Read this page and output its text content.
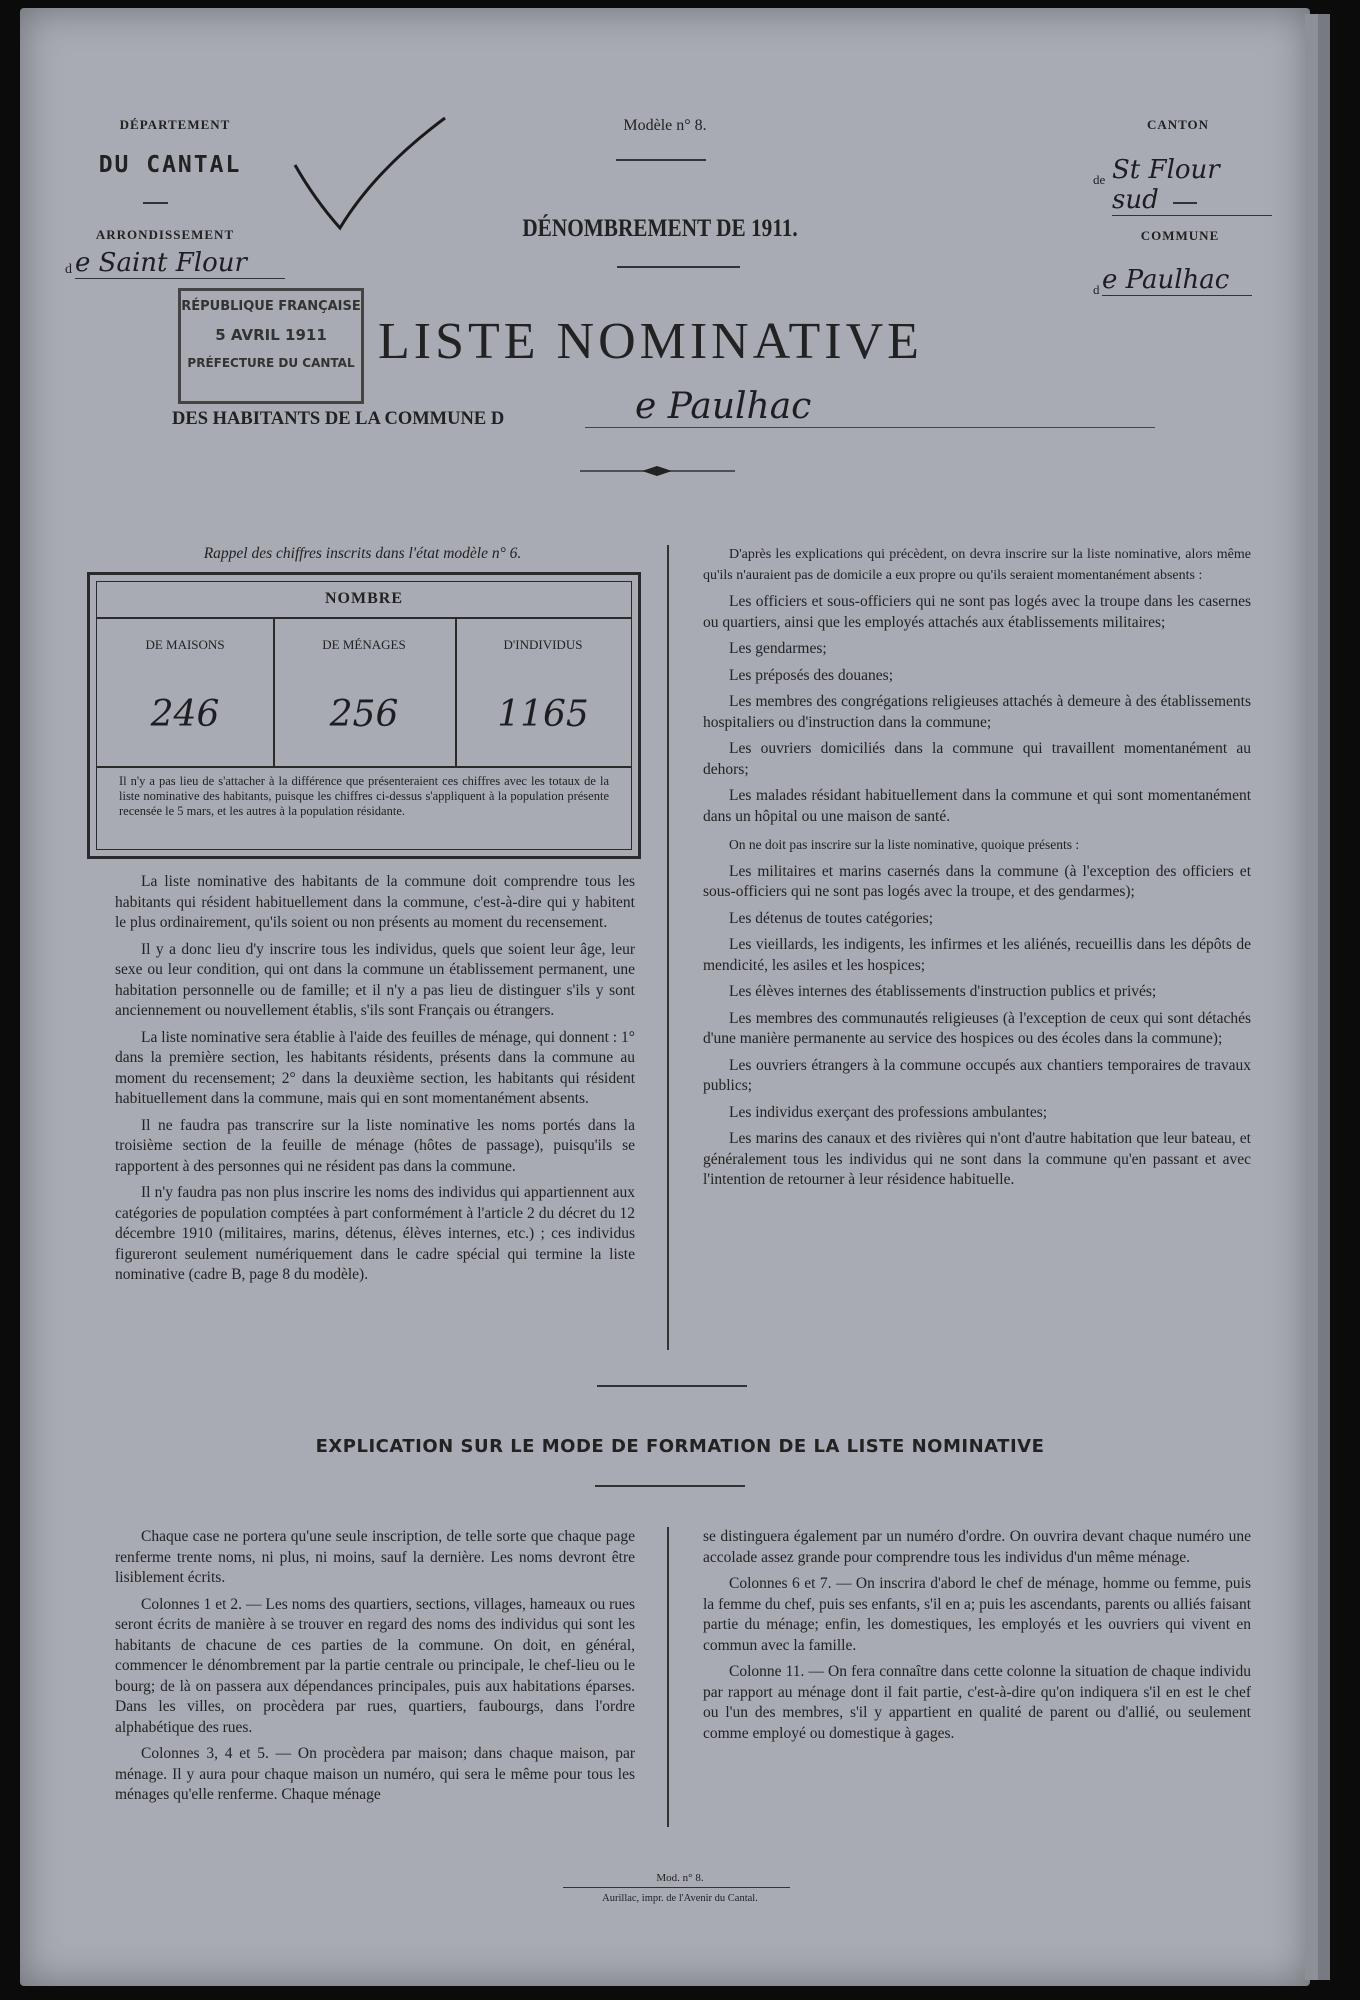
DÉPARTEMENT
DU CANTAL
ARRONDISSEMENT
d e Saint Flour
Modèle n° 8.
DÉNOMBREMENT DE 1911.
RÉPUBLIQUE FRANÇAISE
5 AVRIL 1911
PRÉFECTURE DU CANTAL LISTE NOMINATIVE
DES HABITANTS DE LA COMMUNE D	e Paulhac
CANTON
de St Flour sud
COMMUNE
d e Paulhac
Rappel des chiffres inscrits dans l'état modèle n° 6.
NOMBRE
DE MAISONS	DE MÉNAGES	D'INDIVIDUS
246	256	1165
Il n'y a pas lieu de s'attacher à la différence que présenteraient ces chiffres avec les totaux de la liste nominative des habitants, puisque les chiffres ci-dessus s'appliquent à la population présente recensée le 5 mars, et les autres à la population résidante.

La liste nominative des habitants de la commune doit comprendre tous les habitants qui résident habituellement dans la commune, c'est-à-dire qui y habitent le plus ordinairement, qu'ils soient ou non présents au moment du recensement.

Il y a donc lieu d'y inscrire tous les individus, quels que soient leur âge, leur sexe ou leur condition, qui ont dans la commune un établissement permanent, une habitation personnelle ou de famille; et il n'y a pas lieu de distinguer s'ils y sont anciennement ou nouvellement établis, s'ils sont Français ou étrangers.

La liste nominative sera établie à l'aide des feuilles de ménage, qui donnent : 1° dans la première section, les habitants résidents, présents dans la commune au moment du recensement; 2° dans la deuxième section, les habitants qui résident habituellement dans la commune, mais qui en sont momentanément absents.

Il ne faudra pas transcrire sur la liste nominative les noms portés dans la troisième section de la feuille de ménage (hôtes de passage), puisqu'ils se rapportent à des personnes qui ne résident pas dans la commune.

Il n'y faudra pas non plus inscrire les noms des individus qui appartiennent aux catégories de population comptées à part conformément à l'article 2 du décret du 12 décembre 1910 (militaires, marins, détenus, élèves internes, etc.) ; ces individus figureront seulement numériquement dans le cadre spécial qui termine la liste nominative (cadre B, page 8 du modèle).

D'après les explications qui précèdent, on devra inscrire sur la liste nominative, alors même qu'ils n'auraient pas de domicile a eux propre ou qu'ils seraient momentanément absents :

Les officiers et sous-officiers qui ne sont pas logés avec la troupe dans les casernes ou quartiers, ainsi que les employés attachés aux établissements militaires;

Les gendarmes;

Les préposés des douanes;

Les membres des congrégations religieuses attachés à demeure à des établissements hospitaliers ou d'instruction dans la commune;

Les ouvriers domiciliés dans la commune qui travaillent momentanément au dehors;

Les malades résidant habituellement dans la commune et qui sont momentanément dans un hôpital ou une maison de santé.

On ne doit pas inscrire sur la liste nominative, quoique présents :

Les militaires et marins casernés dans la commune (à l'exception des officiers et sous-officiers qui ne sont pas logés avec la troupe, et des gendarmes);

Les détenus de toutes catégories;

Les vieillards, les indigents, les infirmes et les aliénés, recueillis dans les dépôts de mendicité, les asiles et les hospices;

Les élèves internes des établissements d'instruction publics et privés;

Les membres des communautés religieuses (à l'exception de ceux qui sont détachés d'une manière permanente au service des hospices ou des écoles dans la commune);

Les ouvriers étrangers à la commune occupés aux chantiers temporaires de travaux publics;

Les individus exerçant des professions ambulantes;

Les marins des canaux et des rivières qui n'ont d'autre habitation que leur bateau, et généralement tous les individus qui ne sont dans la commune qu'en passant et avec l'intention de retourner à leur résidence habituelle.

EXPLICATION SUR LE MODE DE FORMATION DE LA LISTE NOMINATIVE

Chaque case ne portera qu'une seule inscription, de telle sorte que chaque page renferme trente noms, ni plus, ni moins, sauf la dernière. Les noms devront être lisiblement écrits.

Colonnes 1 et 2. — Les noms des quartiers, sections, villages, hameaux ou rues seront écrits de manière à se trouver en regard des noms des individus qui sont les habitants de chacune de ces parties de la commune. On doit, en général, commencer le dénombrement par la partie centrale ou principale, le chef-lieu ou le bourg; de là on passera aux dépendances principales, puis aux habitations éparses. Dans les villes, on procèdera par rues, quartiers, faubourgs, dans l'ordre alphabétique des rues.

Colonnes 3, 4 et 5. — On procèdera par maison; dans chaque maison, par ménage. Il y aura pour chaque maison un numéro, qui sera le même pour tous les ménages qu'elle renferme. Chaque ménage

se distinguera également par un numéro d'ordre. On ouvrira devant chaque numéro une accolade assez grande pour comprendre tous les individus d'un même ménage.

Colonnes 6 et 7. — On inscrira d'abord le chef de ménage, homme ou femme, puis la femme du chef, puis ses enfants, s'il en a; puis les ascendants, parents ou alliés faisant partie du ménage; enfin, les domestiques, les employés et les ouvriers qui vivent en commun avec la famille.

Colonne 11. — On fera connaître dans cette colonne la situation de chaque individu par rapport au ménage dont il fait partie, c'est-à-dire qu'on indiquera s'il en est le chef ou l'un des membres, s'il y appartient en qualité de parent ou d'allié, ou seulement comme employé ou domestique à gages.

Mod. n° 8.
Aurillac, impr. de l'Avenir du Cantal.
